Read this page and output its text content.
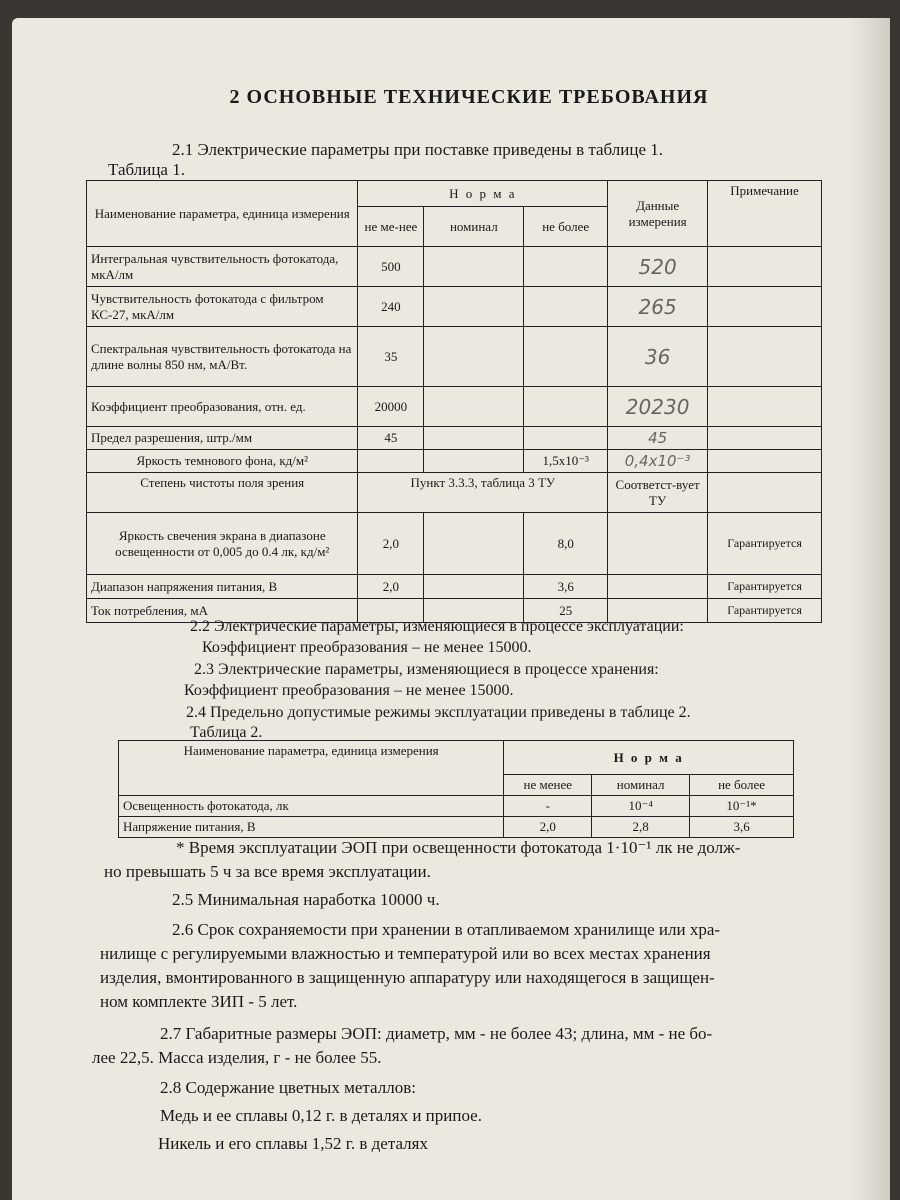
2 ОСНОВНЫЕ ТЕХНИЧЕСКИЕ ТРЕБОВАНИЯ
2.1 Электрические параметры при поставке приведены в таблице 1.
Таблица 1.
Наименование параметра, единица измерения	Н о р м а			Данные измерения	Примечание
	не ме-нее	номинал	не более		
Интегральная чувствительность фотокатода, мкА/лм	500			520	
Чувствительность фотокатода с фильтром КС-27, мкА/лм	240			265	
Спектральная чувствительность фотокатода на длине волны 850 нм, мА/Вт.	35			36	
Коэффициент преобразования, отн. ед.	20000			20230	
Предел разрешения, штр./мм	45			45	
Яркость темнового фона, кд/м²			1,5x10⁻³	0,4x10⁻³	
Степень чистоты поля зрения	Пункт 3.3.3, таблица 3 ТУ			Соответст-вует ТУ	
Яркость свечения экрана в диапазоне освещенности от 0,005 до 0.4 лк, кд/м²	2,0		8,0		Гарантируется
Диапазон напряжения питания, В	2,0		3,6		Гарантируется
Ток потребления, мА			25		Гарантируется
2.2 Электрические параметры, изменяющиеся в процессе эксплуатации:
Коэффициент преобразования – не менее 15000.
2.3 Электрические параметры, изменяющиеся в процессе хранения:
Коэффициент преобразования – не менее 15000.
2.4 Предельно допустимые режимы эксплуатации приведены в таблице 2.
Таблица 2.
Наименование параметра, единица измерения	Н о р м а		
	не менее	номинал	не более
Освещенность фотокатода, лк	-	10⁻⁴	10⁻¹*
Напряжение питания, В	2,0	2,8	3,6
* Время эксплуатации ЭОП при освещенности фотокатода 1·10⁻¹ лк не долж-
но превышать 5 ч за все время эксплуатации.
2.5 Минимальная наработка 10000 ч.
2.6 Срок сохраняемости при хранении в отапливаемом хранилище или хра-
нилище с регулируемыми влажностью и температурой или во всех местах хранения
изделия, вмонтированного в защищенную аппаратуру или находящегося в защищен-
ном комплекте ЗИП - 5 лет.
2.7 Габаритные размеры ЭОП: диаметр, мм - не более 43; длина, мм - не бо-
лее 22,5. Масса изделия, г - не более 55.
2.8 Содержание цветных металлов:
Медь и ее сплавы 0,12 г. в деталях и припое.
Никель и его сплавы 1,52 г. в деталях
